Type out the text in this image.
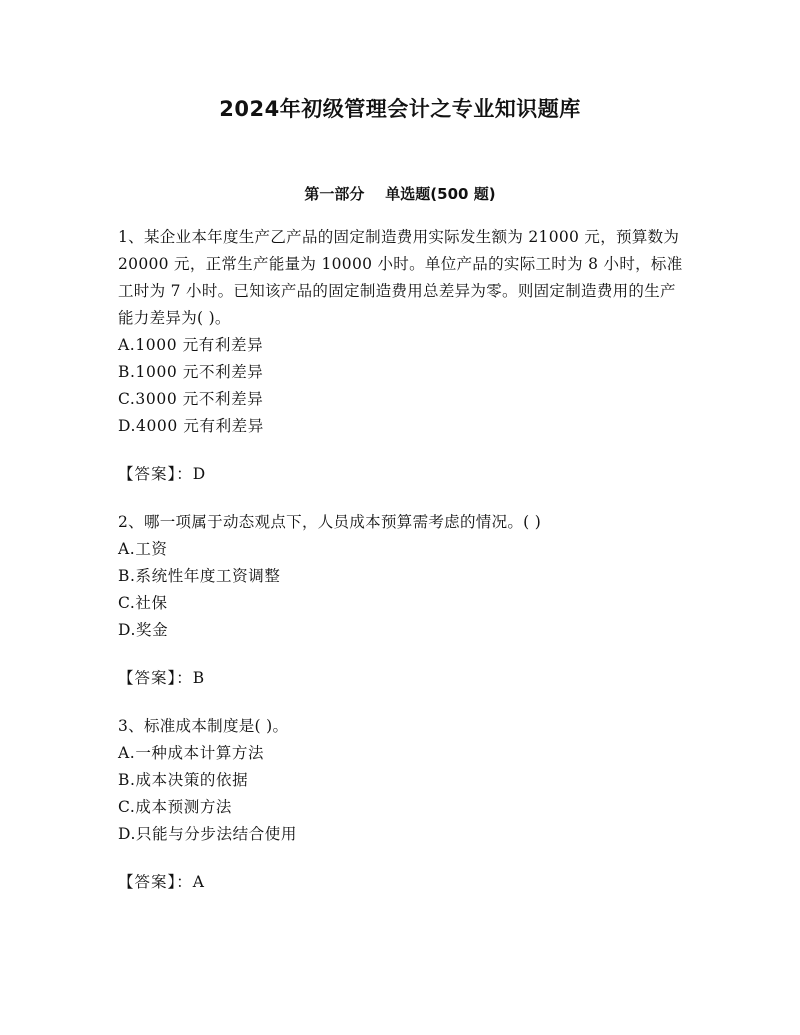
2024年初级管理会计之专业知识题库
第一部分    单选题(500 题)

1、某企业本年度生产乙产品的固定制造费用实际发生额为 21000 元，预算数为 20000 元，正常生产能量为 10000 小时。单位产品的实际工时为 8 小时，标准工时为 7 小时。已知该产品的固定制造费用总差异为零。则固定制造费用的生产能力差异为( )。

A.1000 元有利差异

B.1000 元不利差异

C.3000 元不利差异

D.4000 元有利差异

【答案】：D

2、哪一项属于动态观点下，人员成本预算需考虑的情况。( )

A.工资

B.系统性年度工资调整

C.社保

D.奖金

【答案】：B

3、标准成本制度是( )。

A.一种成本计算方法

B.成本决策的依据

C.成本预测方法

D.只能与分步法结合使用

【答案】：A
